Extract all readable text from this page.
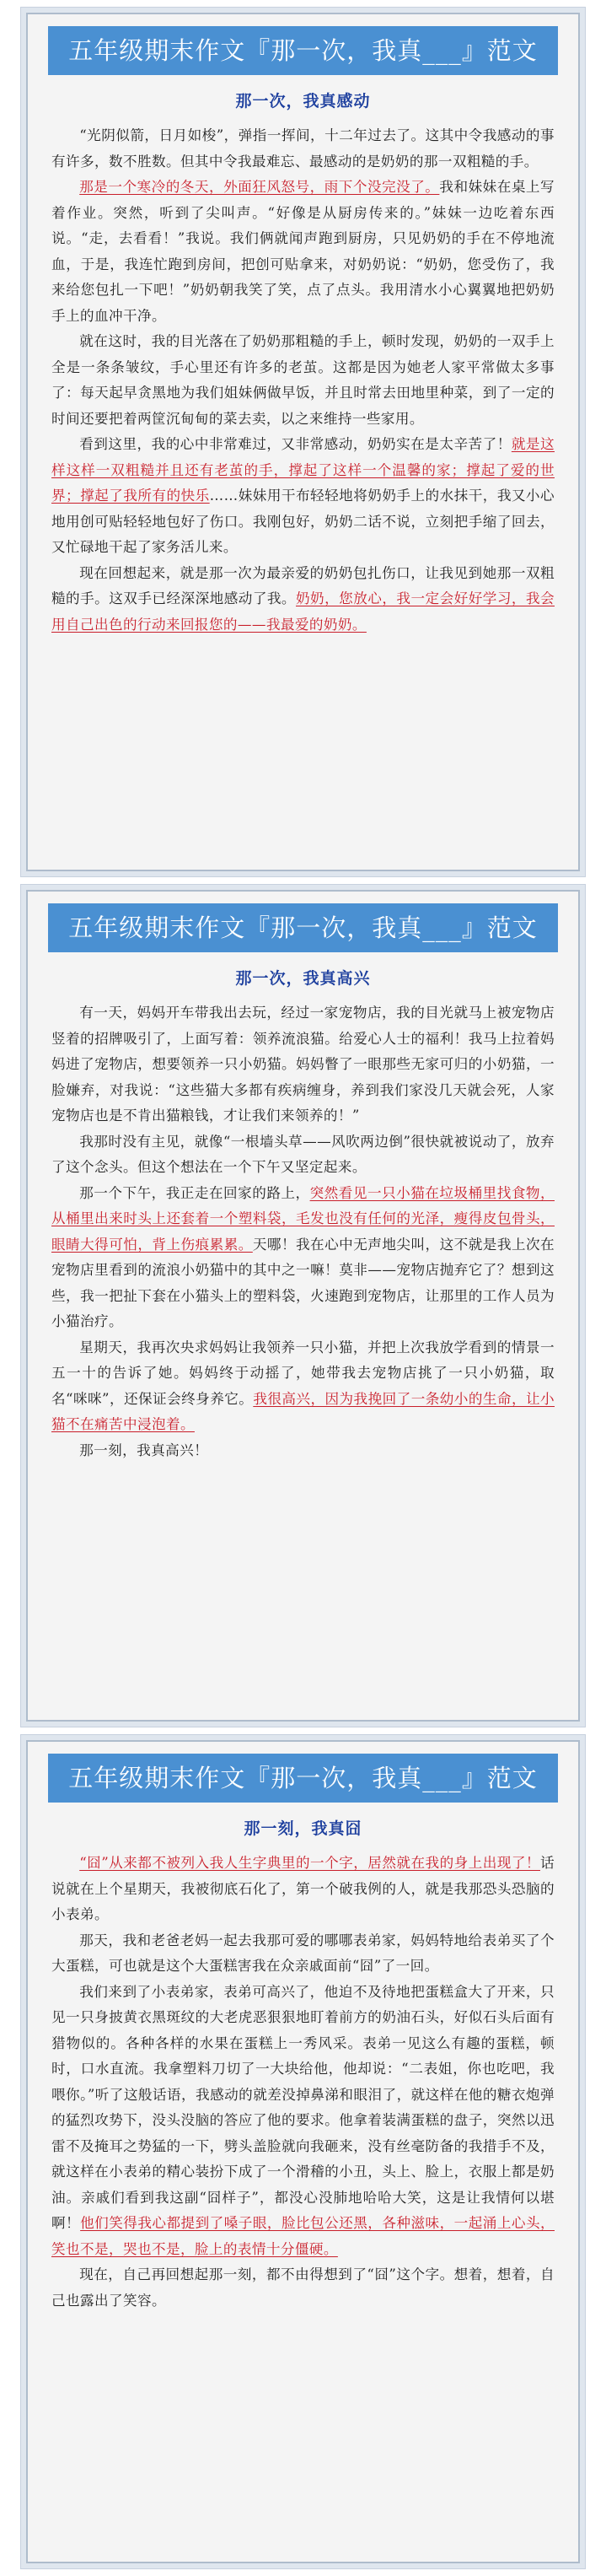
五年级期末作文『那一次，我真___』范文
那一次，我真感动

“光阴似箭，日月如梭”，弹指一挥间，十二年过去了。这其中令我感动的事有许多，数不胜数。但其中令我最难忘、最感动的是奶奶的那一双粗糙的手。

那是一个寒冷的冬天，外面狂风怒号，雨下个没完没了。我和妹妹在桌上写着作业。突然，听到了尖叫声。“好像是从厨房传来的。”妹妹一边吃着东西说。“走，去看看！”我说。我们俩就闻声跑到厨房，只见奶奶的手在不停地流血，于是，我连忙跑到房间，把创可贴拿来，对奶奶说：“奶奶，您受伤了，我来给您包扎一下吧！”奶奶朝我笑了笑，点了点头。我用清水小心翼翼地把奶奶手上的血冲干净。

就在这时，我的目光落在了奶奶那粗糙的手上，顿时发现，奶奶的一双手上全是一条条皱纹，手心里还有许多的老茧。这都是因为她老人家平常做太多事了：每天起早贪黑地为我们姐妹俩做早饭，并且时常去田地里种菜，到了一定的时间还要把着两筐沉甸甸的菜去卖，以之来维持一些家用。

看到这里，我的心中非常难过，又非常感动，奶奶实在是太辛苦了！就是这样这样一双粗糙并且还有老茧的手，撑起了这样一个温馨的家；撑起了爱的世界；撑起了我所有的快乐……妹妹用干布轻轻地将奶奶手上的水抹干，我又小心地用创可贴轻轻地包好了伤口。我刚包好，奶奶二话不说，立刻把手缩了回去，又忙碌地干起了家务活儿来。

现在回想起来，就是那一次为最亲爱的奶奶包扎伤口，让我见到她那一双粗糙的手。这双手已经深深地感动了我。奶奶，您放心，我一定会好好学习，我会用自己出色的行动来回报您的——我最爱的奶奶。

五年级期末作文『那一次，我真___』范文
那一次，我真高兴

有一天，妈妈开车带我出去玩，经过一家宠物店，我的目光就马上被宠物店竖着的招牌吸引了，上面写着：领养流浪猫。给爱心人士的福利！我马上拉着妈妈进了宠物店，想要领养一只小奶猫。妈妈瞥了一眼那些无家可归的小奶猫，一脸嫌弃，对我说：“这些猫大多都有疾病缠身，养到我们家没几天就会死，人家宠物店也是不肯出猫粮钱，才让我们来领养的！”

我那时没有主见，就像“一根墙头草——风吹两边倒”很快就被说动了，放弃了这个念头。但这个想法在一个下午又坚定起来。

那一个下午，我正走在回家的路上，突然看见一只小猫在垃圾桶里找食物，从桶里出来时头上还套着一个塑料袋，毛发也没有任何的光泽，瘦得皮包骨头，眼睛大得可怕，背上伤痕累累。天哪！我在心中无声地尖叫，这不就是我上次在宠物店里看到的流浪小奶猫中的其中之一嘛！莫非——宠物店抛弃它了？想到这些，我一把扯下套在小猫头上的塑料袋，火速跑到宠物店，让那里的工作人员为小猫治疗。

星期天，我再次央求妈妈让我领养一只小猫，并把上次我放学看到的情景一五一十的告诉了她。妈妈终于动摇了，她带我去宠物店挑了一只小奶猫，取名“咪咪”，还保证会终身养它。我很高兴，因为我挽回了一条幼小的生命，让小猫不在痛苦中浸泡着。

那一刻，我真高兴！

五年级期末作文『那一次，我真___』范文
那一刻，我真囧

“囧”从来都不被列入我人生字典里的一个字，居然就在我的身上出现了！话说就在上个星期天，我被彻底石化了，第一个破我例的人，就是我那恐头恐脑的小表弟。

那天，我和老爸老妈一起去我那可爱的哪哪表弟家，妈妈特地给表弟买了个大蛋糕，可也就是这个大蛋糕害我在众亲戚面前“囧”了一回。

我们来到了小表弟家，表弟可高兴了，他迫不及待地把蛋糕盒大了开来，只见一只身披黄衣黑斑纹的大老虎恶狠狠地盯着前方的奶油石头，好似石头后面有猎物似的。各种各样的水果在蛋糕上一秀风采。表弟一见这么有趣的蛋糕，顿时，口水直流。我拿塑料刀切了一大块给他，他却说：“二表姐，你也吃吧，我喂你。”听了这般话语，我感动的就差没掉鼻涕和眼泪了，就这样在他的糖衣炮弹的猛烈攻势下，没头没脑的答应了他的要求。他拿着装满蛋糕的盘子，突然以迅雷不及掩耳之势猛的一下，劈头盖脸就向我砸来，没有丝毫防备的我措手不及，就这样在小表弟的精心装扮下成了一个滑稽的小丑，头上、脸上，衣服上都是奶油。亲戚们看到我这副“囧样子”，都没心没肺地哈哈大笑，这是让我情何以堪啊！他们笑得我心都提到了嗓子眼，脸比包公还黑，各种滋味，一起涌上心头，笑也不是，哭也不是，脸上的表情十分僵硬。

现在，自己再回想起那一刻，都不由得想到了“囧”这个字。想着，想着，自己也露出了笑容。
